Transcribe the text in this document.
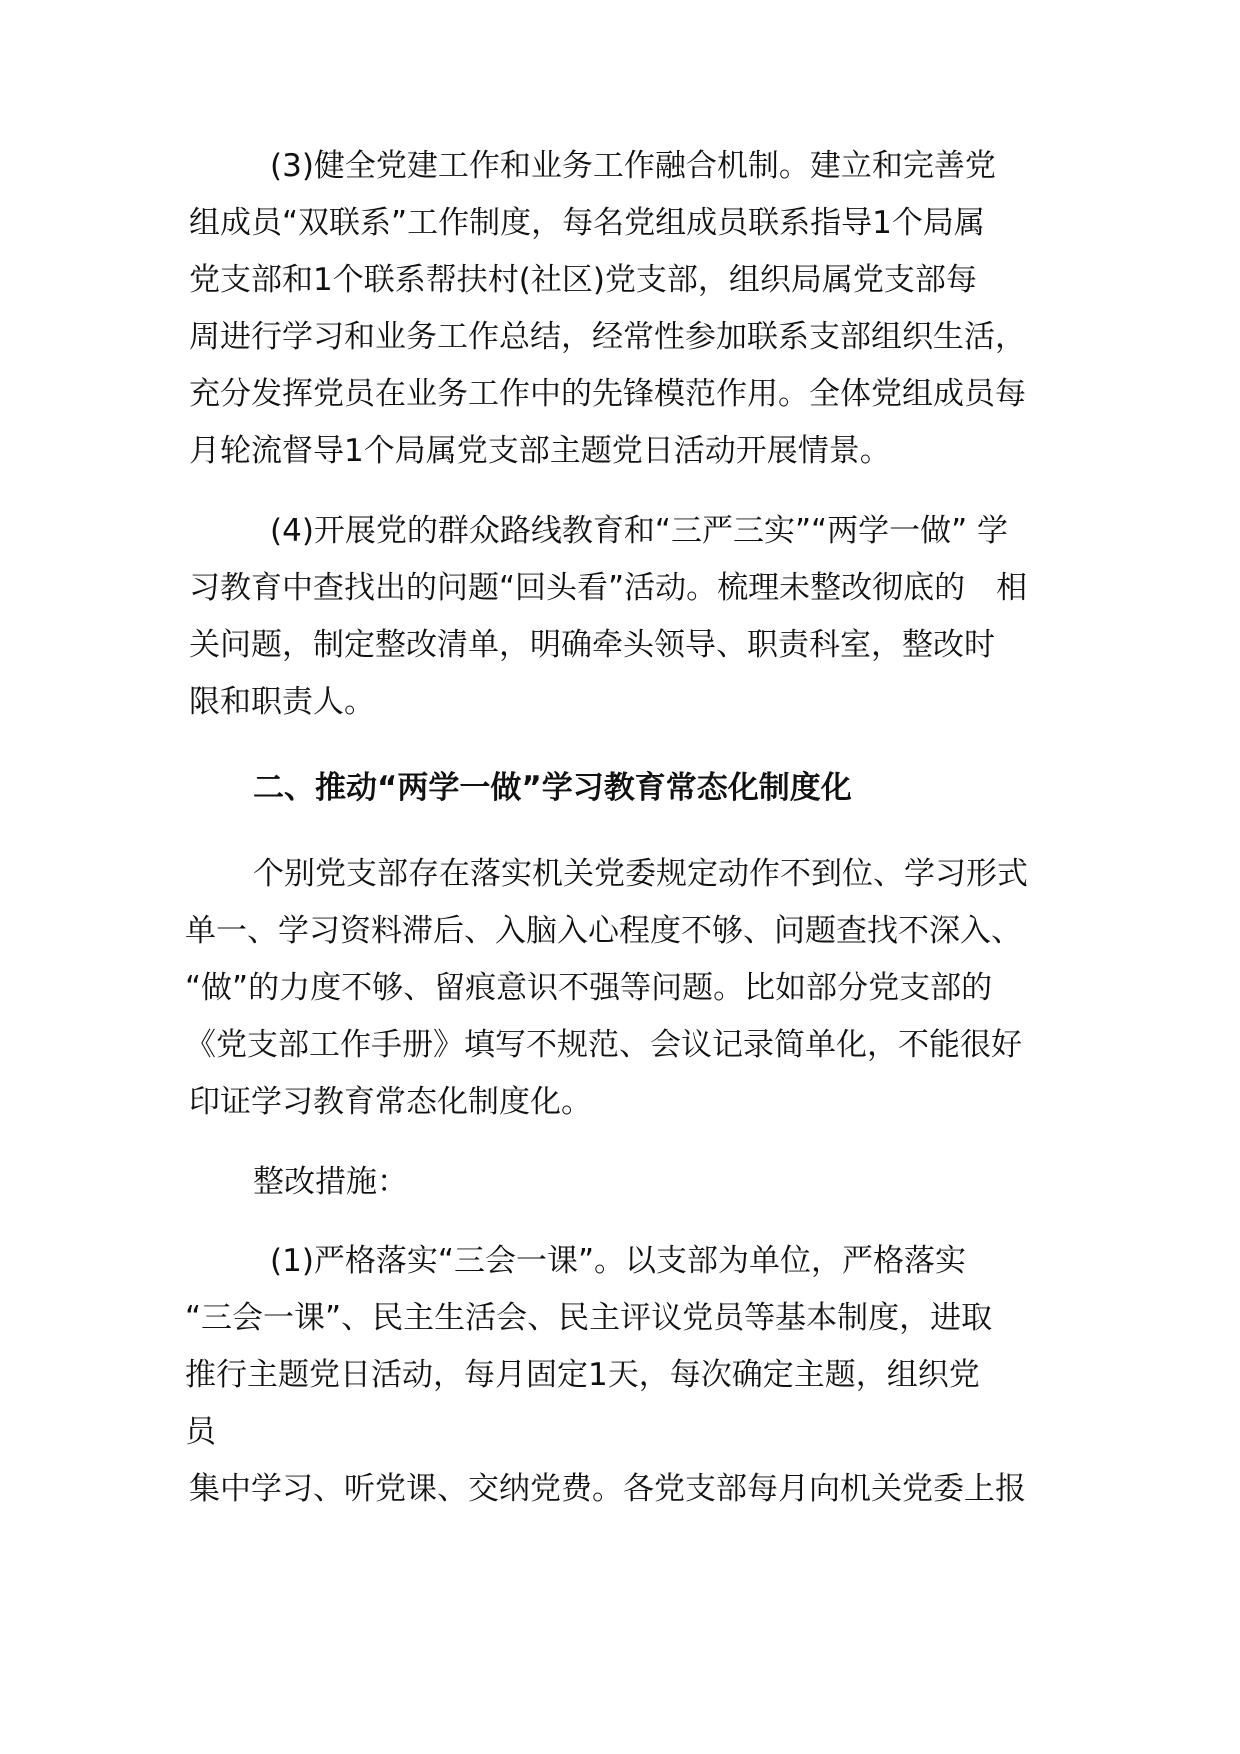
(3)健全党建工作和业务工作融合机制。建立和完善党
组成员“双联系”工作制度，每名党组成员联系指导1个局属
党支部和1个联系帮扶村(社区)党支部，组织局属党支部每
周进行学习和业务工作总结，经常性参加联系支部组织生活，
充分发挥党员在业务工作中的先锋模范作用。全体党组成员每
月轮流督导1个局属党支部主题党日活动开展情景。
(4)开展党的群众路线教育和“三严三实”“两学一做” 学
习教育中查找出的问题“回头看”活动。梳理未整改彻底的　相
关问题，制定整改清单，明确牵头领导、职责科室，整改时
限和职责人。
二、推动“两学一做”学习教育常态化制度化
个别党支部存在落实机关党委规定动作不到位、学习形式
单一、学习资料滞后、入脑入心程度不够、问题查找不深入、
“做”的力度不够、留痕意识不强等问题。比如部分党支部的
《党支部工作手册》填写不规范、会议记录简单化，不能很好
印证学习教育常态化制度化。
整改措施：
(1)严格落实“三会一课”。以支部为单位，严格落实
“三会一课”、民主生活会、民主评议党员等基本制度，进取
推行主题党日活动，每月固定1天，每次确定主题，组织党
员
集中学习、听党课、交纳党费。各党支部每月向机关党委上报
